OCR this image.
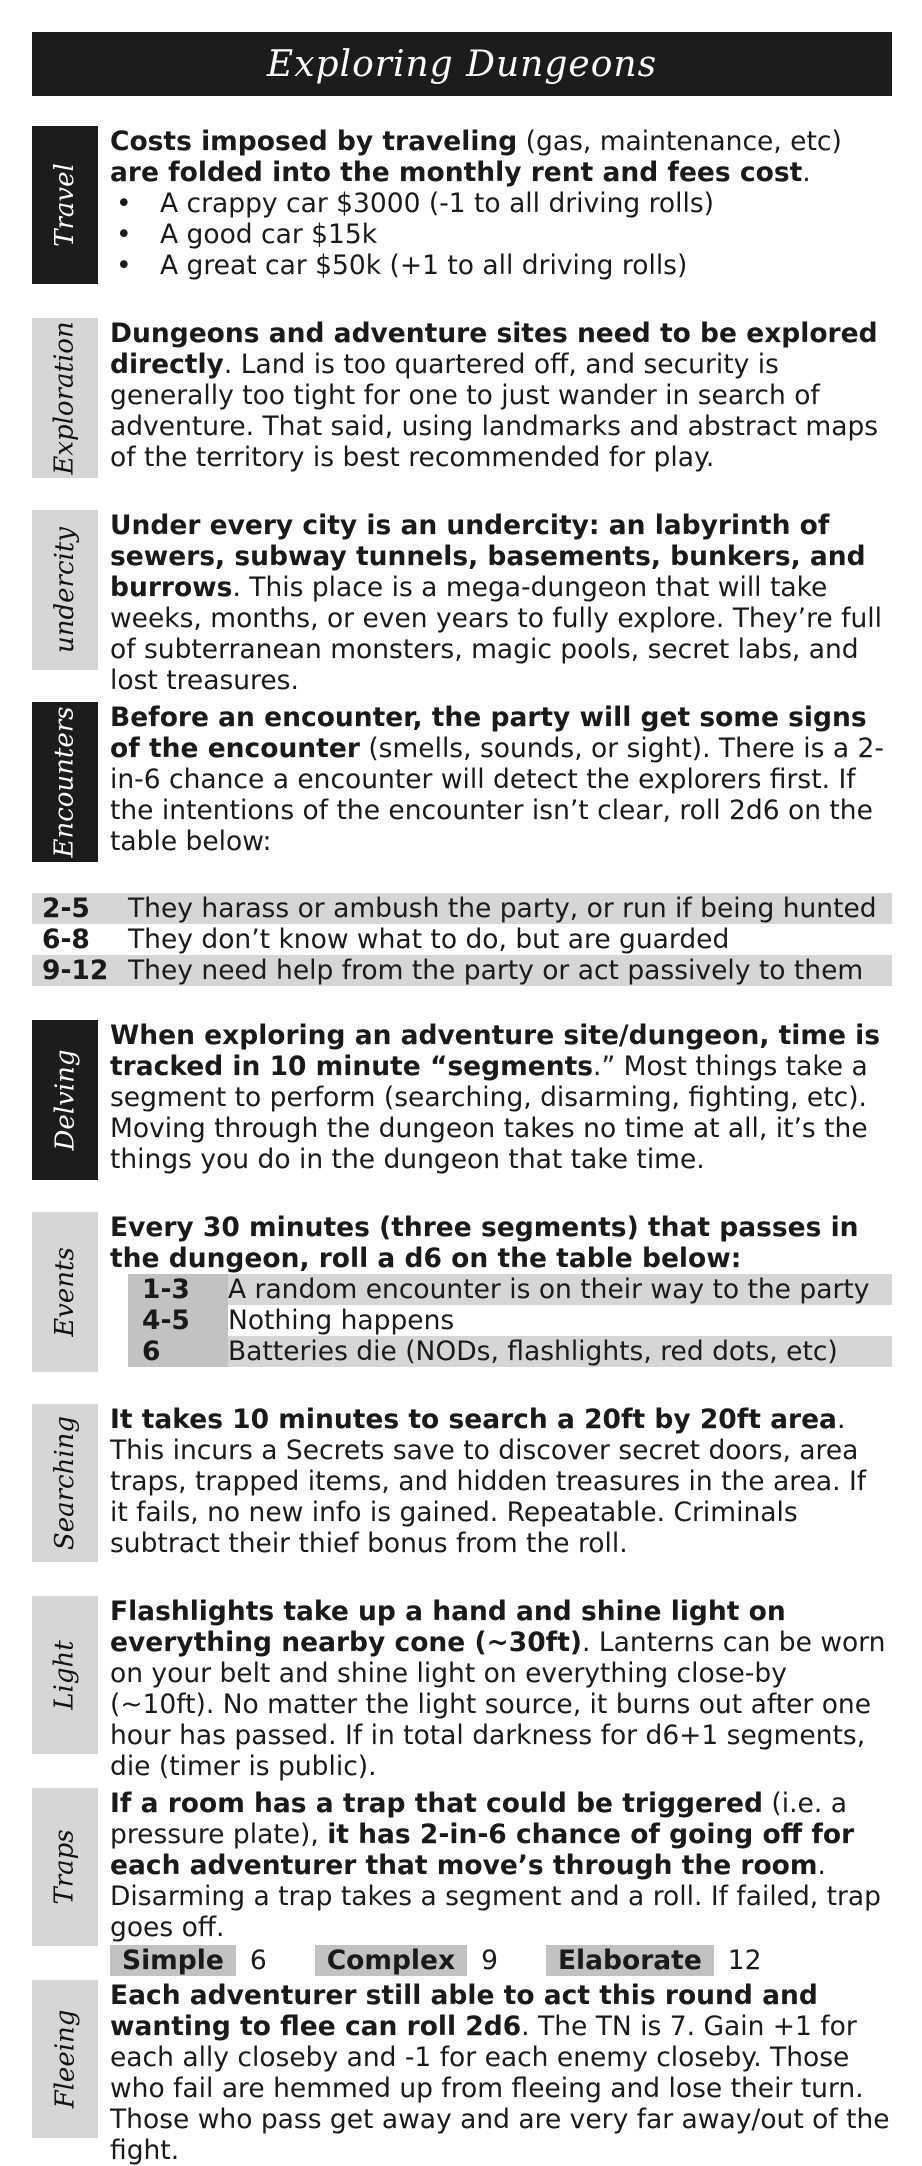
Exploring Dungeons
Travel

Costs imposed by traveling (gas, maintenance, etc) are folded into the monthly rent and fees cost.

• A crappy car $3000 (-1 to all driving rolls)
• A good car $15k
• A great car $50k (+1 to all driving rolls)
Exploration Dungeons and adventure sites need to be explored directly. Land is too quartered off, and security is generally too tight for one to just wander in search of adventure. That said, using landmarks and abstract maps of the territory is best recommended for play.

undercity

Under every city is an undercity: an labyrinth of sewers, subway tunnels, basements, bunkers, and burrows. This place is a mega-dungeon that will take weeks, months, or even years to fully explore. They’re full of subterranean monsters, magic pools, secret labs, and lost treasures.

Encounters Before an encounter, the party will get some signs of the encounter (smells, sounds, or sight). There is a 2-in-6 chance a encounter will detect the explorers first. If the intentions of the encounter isn’t clear, roll 2d6 on the table below:

2-5	They harass or ambush the party, or run if being hunted
6-8	They don’t know what to do, but are guarded
9-12 They need help from the party or act passively to them
Delving

When exploring an adventure site/dungeon, time is tracked in 10 minute “segments.” Most things take a segment to perform (searching, disarming, fighting, etc). Moving through the dungeon takes no time at all, it’s the things you do in the dungeon that take time.

Events

Every 30 minutes (three segments) that passes in the dungeon, roll a d6 on the table below:

1-3	A random encounter is on their way to the party
4-5	Nothing happens
6	Batteries die (NODs, flashlights, red dots, etc)
Searching It takes 10 minutes to search a 20ft by 20ft area. This incurs a Secrets save to discover secret doors, area traps, trapped items, and hidden treasures in the area. If it fails, no new info is gained. Repeatable. Criminals subtract their thief bonus from the roll.

Light

Flashlights take up a hand and shine light on everything nearby cone (~30ft). Lanterns can be worn on your belt and shine light on everything close-by (~10ft). No matter the light source, it burns out after one hour has passed. If in total darkness for d6+1 segments, die (timer is public).

Traps

If a room has a trap that could be triggered (i.e. a pressure plate), it has 2-in-6 chance of going off for each adventurer that move’s through the room. Disarming a trap takes a segment and a roll. If failed, trap goes off.

Simple 6	Complex 9	Elaborate 12
Fleeing

Each adventurer still able to act this round and wanting to flee can roll 2d6. The TN is 7. Gain +1 for each ally closeby and -1 for each enemy closeby. Those who fail are hemmed up from fleeing and lose their turn. Those who pass get away and are very far away/out of the fight.
